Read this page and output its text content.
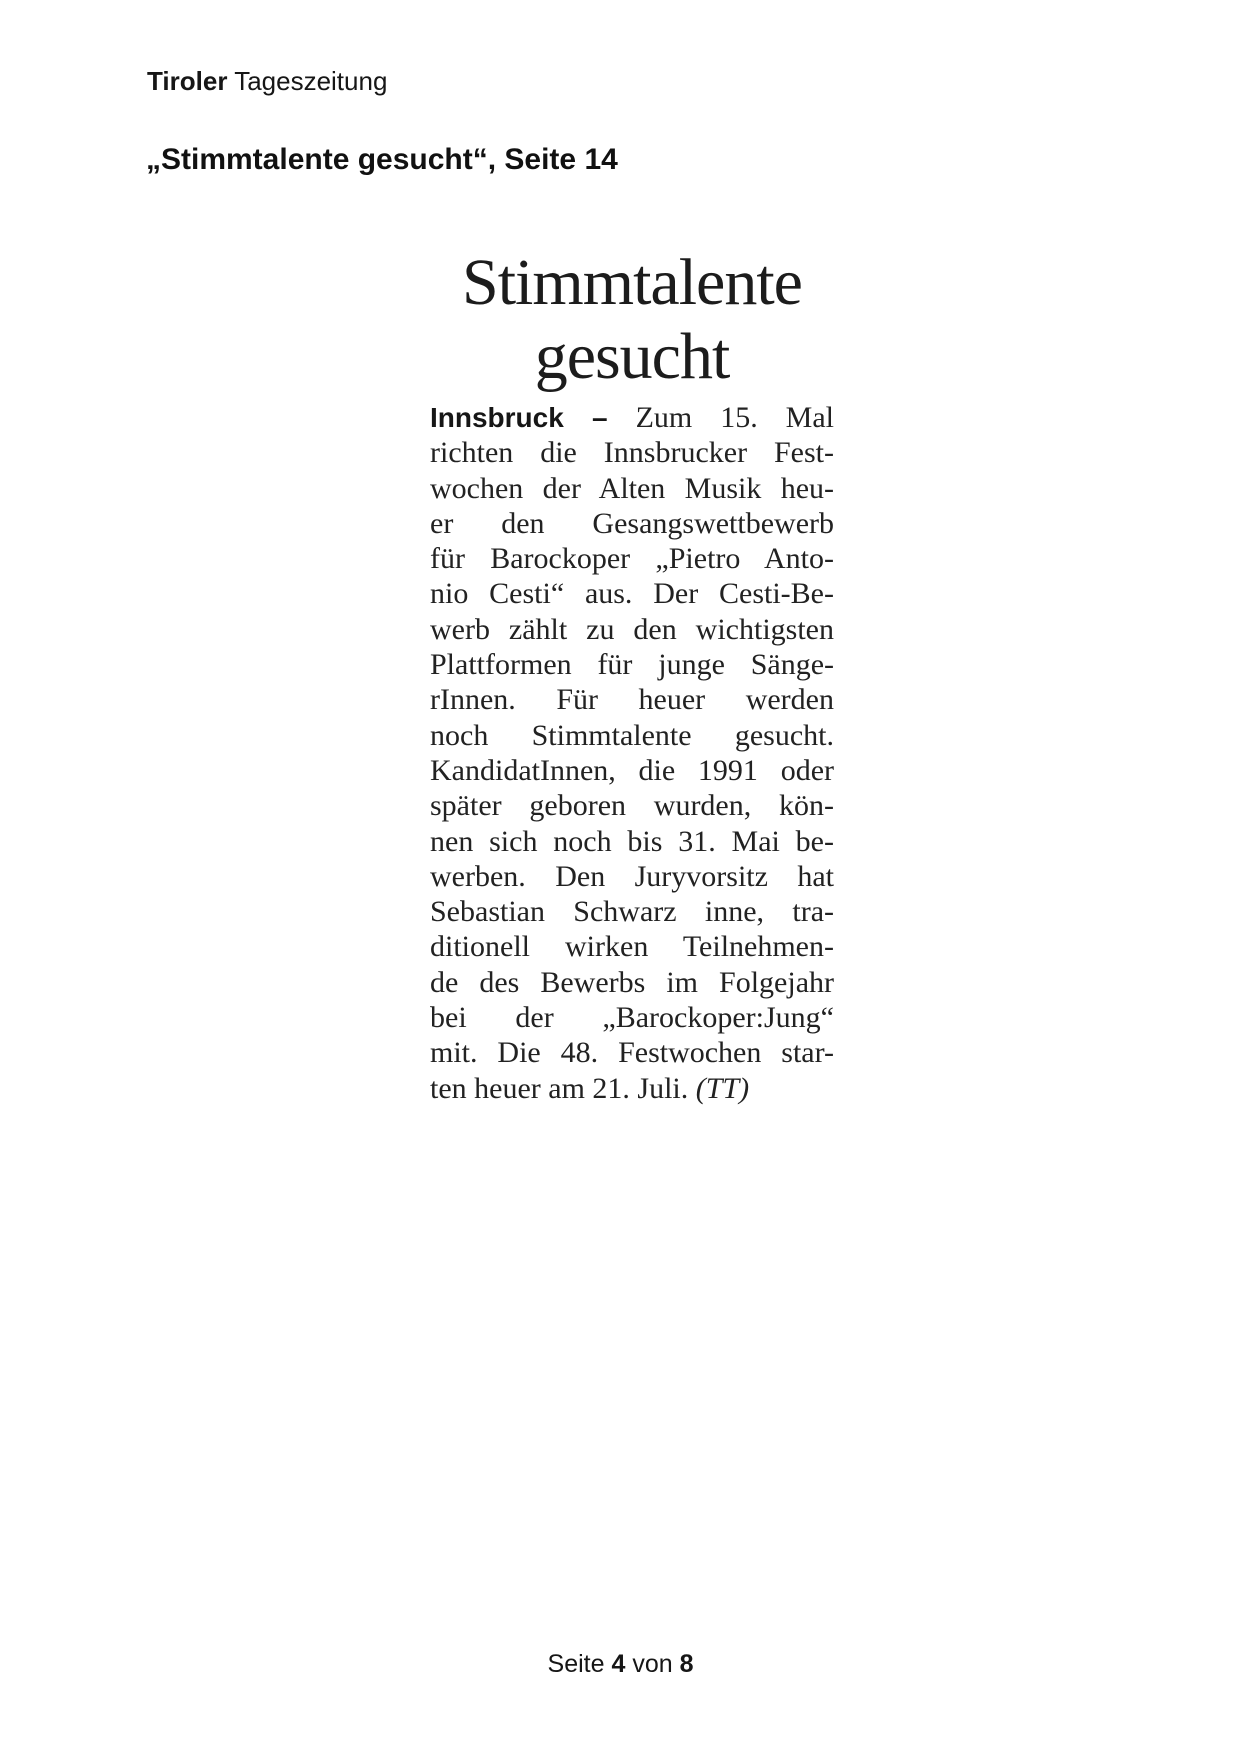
Tiroler Tageszeitung
„Stimmtalente gesucht“, Seite 14
Stimmtalente
gesucht
Innsbruck – Zum 15. Mal
richten die Innsbrucker Fest-
wochen der Alten Musik heu-
er den Gesangswettbewerb
für Barockoper „Pietro Anto-
nio Cesti“ aus. Der Cesti-Be-
werb zählt zu den wichtigsten
Plattformen für junge Sänge-
rInnen. Für heuer werden
noch Stimmtalente gesucht.
KandidatInnen, die 1991 oder
später geboren wurden, kön-
nen sich noch bis 31. Mai be-
werben. Den Juryvorsitz hat
Sebastian Schwarz inne, tra-
ditionell wirken Teilnehmen-
de des Bewerbs im Folgejahr
bei der „Barockoper:Jung“
mit. Die 48. Festwochen star-
ten heuer am 21. Juli. (TT)
Seite 4 von 8
